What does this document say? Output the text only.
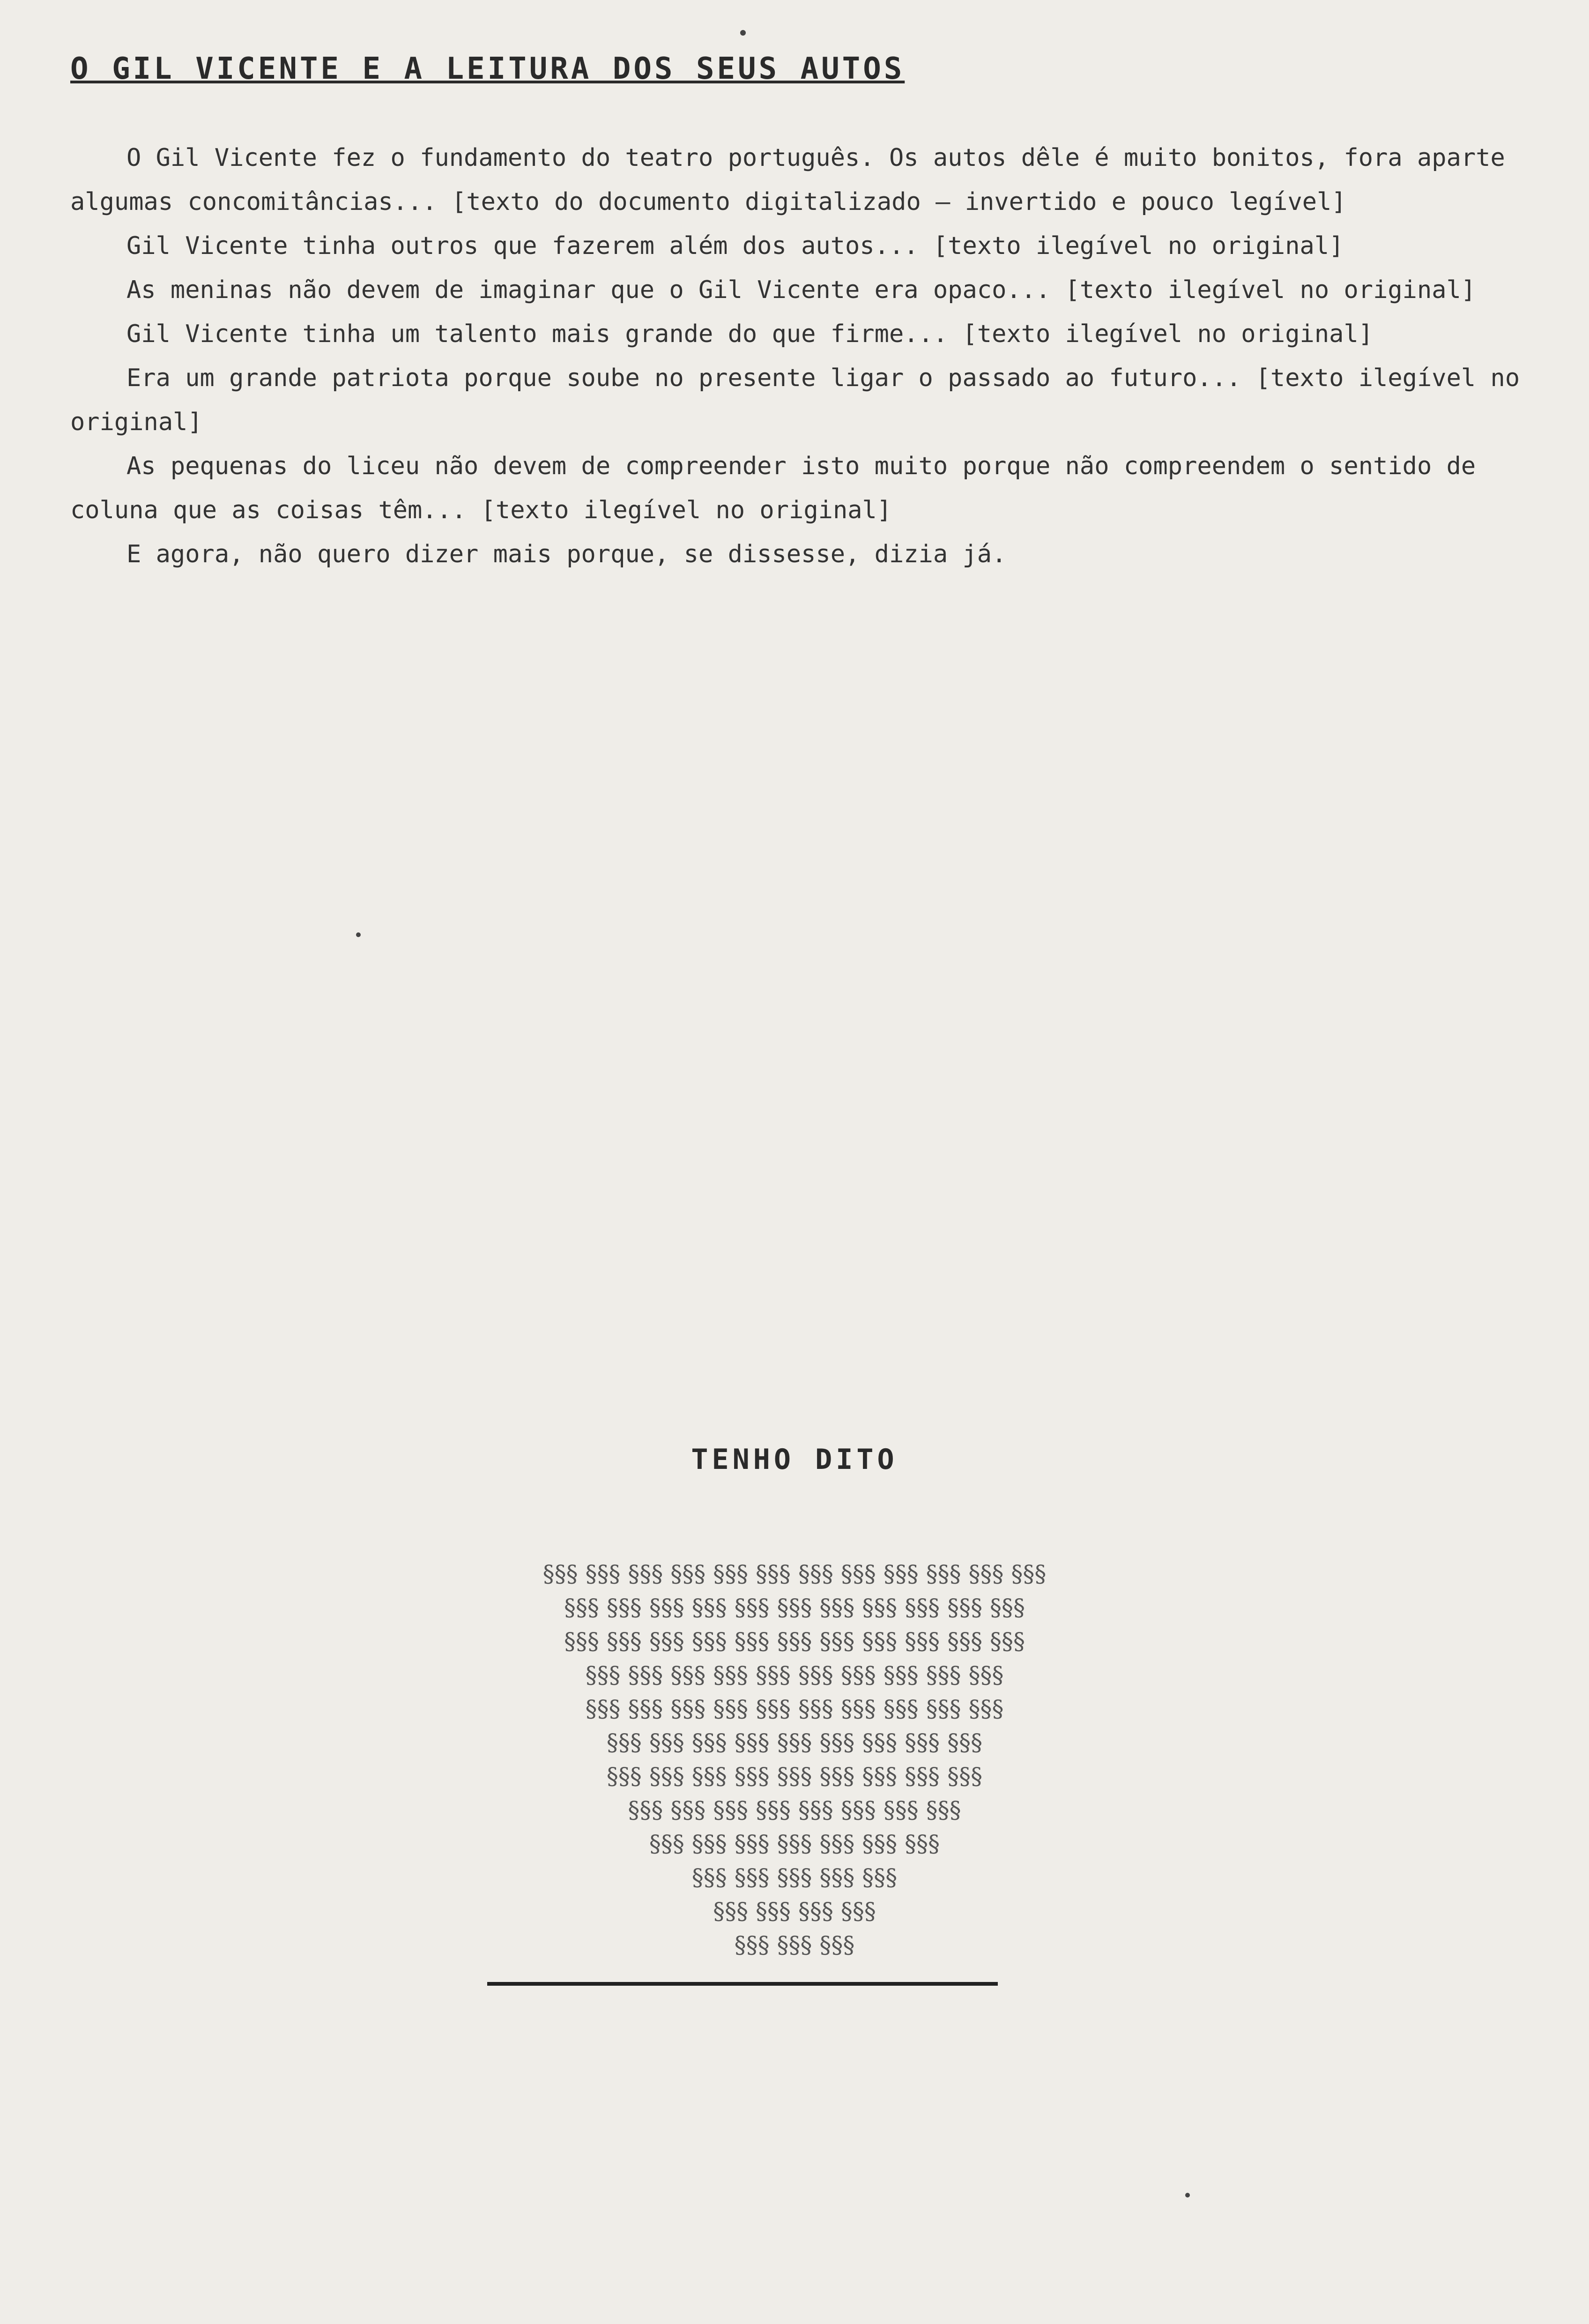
O GIL VICENTE E A LEITURA DOS SEUS AUTOS

O Gil Vicente fez o fundamento do teatro português. Os autos dêle é muito bonitos, fora aparte algumas concomitâncias... [texto do documento digitalizado — invertido e pouco legível]

Gil Vicente tinha outros que fazerem além dos autos... [texto ilegível no original]

As meninas não devem de imaginar que o Gil Vicente era opaco... [texto ilegível no original]

Gil Vicente tinha um talento mais grande do que firme... [texto ilegível no original]

Era um grande patriota porque soube no presente ligar o passado ao futuro... [texto ilegível no original]

As pequenas do liceu não devem de compreender isto muito porque não compreendem o sentido de coluna que as coisas têm... [texto ilegível no original]

E agora, não quero dizer mais porque, se dissesse, dizia já.

TENHO DITO
§§§ §§§ §§§ §§§ §§§ §§§ §§§ §§§ §§§ §§§ §§§ §§§
§§§ §§§ §§§ §§§ §§§ §§§ §§§ §§§ §§§ §§§ §§§
§§§ §§§ §§§ §§§ §§§ §§§ §§§ §§§ §§§ §§§ §§§
§§§ §§§ §§§ §§§ §§§ §§§ §§§ §§§ §§§ §§§
§§§ §§§ §§§ §§§ §§§ §§§ §§§ §§§ §§§ §§§
§§§ §§§ §§§ §§§ §§§ §§§ §§§ §§§ §§§
§§§ §§§ §§§ §§§ §§§ §§§ §§§ §§§ §§§
§§§ §§§ §§§ §§§ §§§ §§§ §§§ §§§
§§§ §§§ §§§ §§§ §§§ §§§ §§§
§§§ §§§ §§§ §§§ §§§
§§§ §§§ §§§ §§§
§§§ §§§ §§§
